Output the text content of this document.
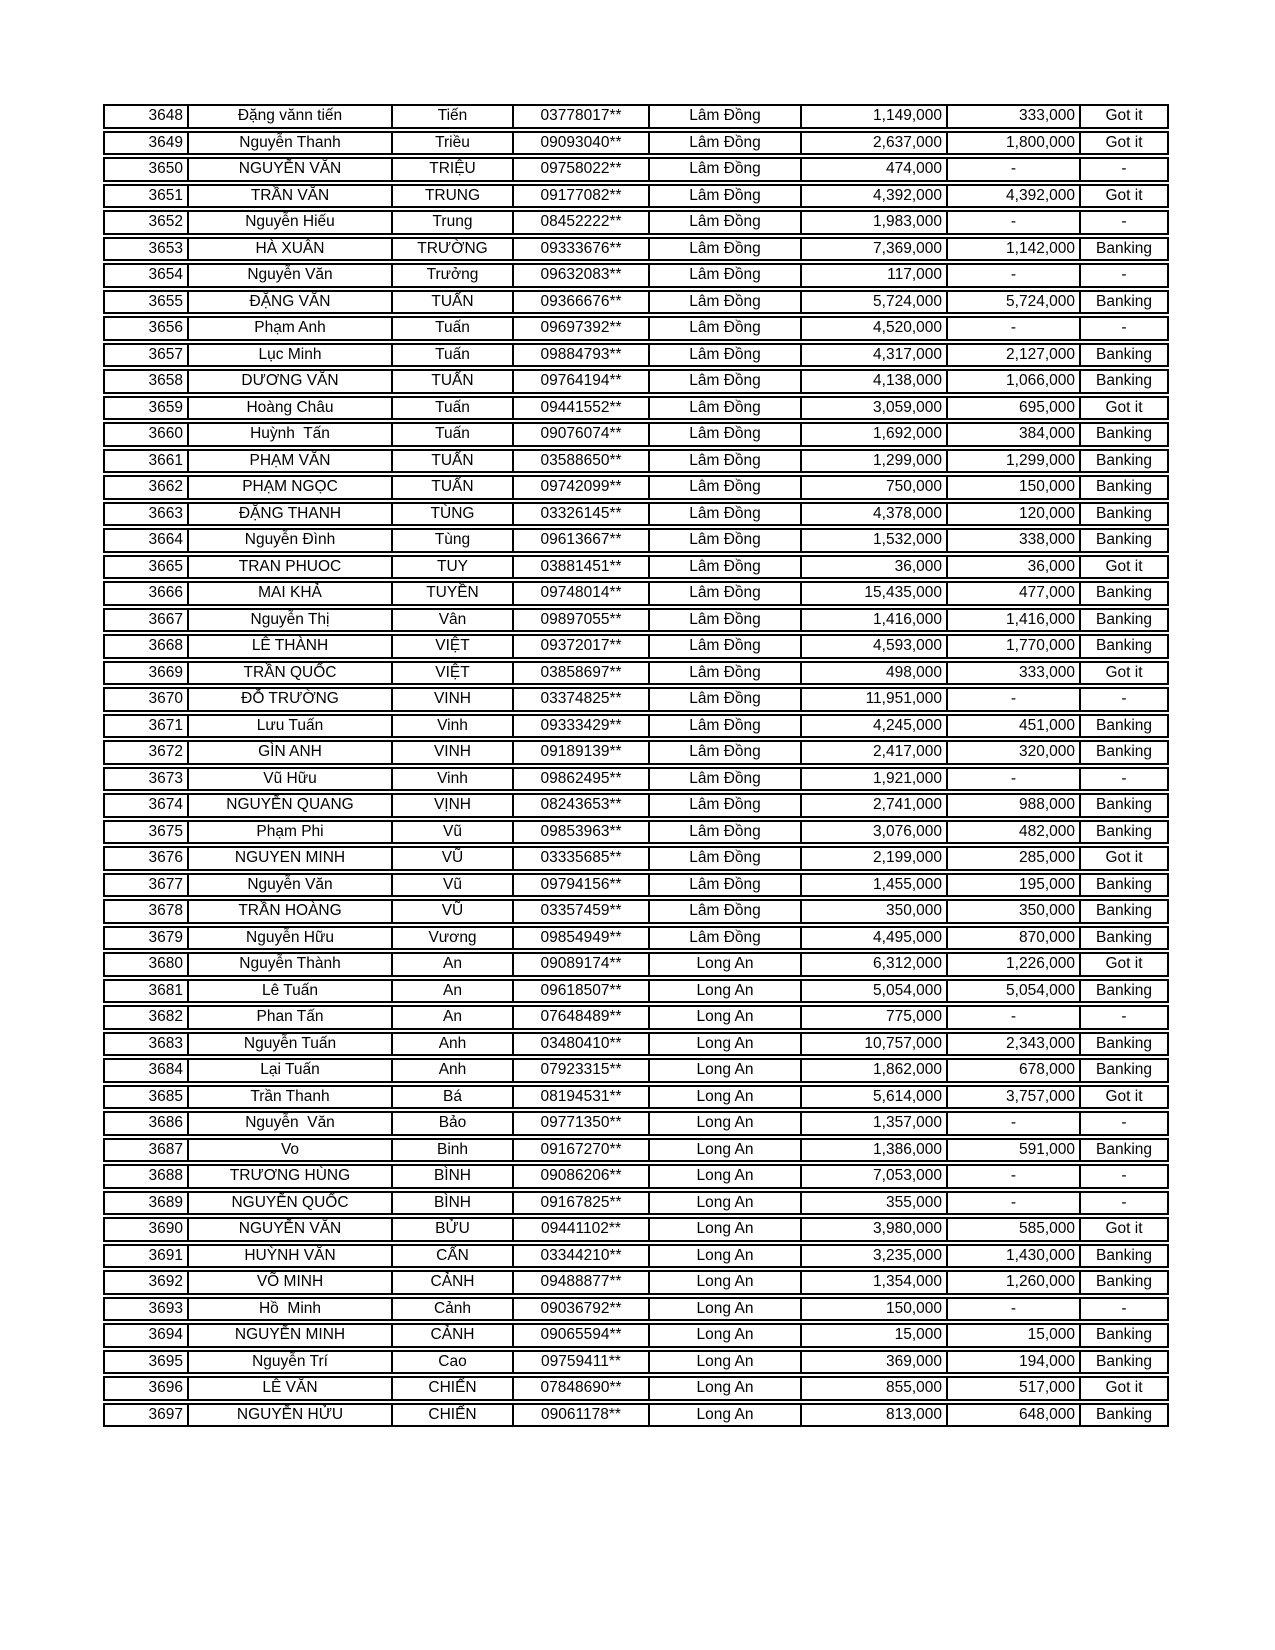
3648	Đặng vănn tiến	Tiến	03778017**	Lâm Đồng	1,149,000	333,000	Got it
3649	Nguyễn Thanh	Triều	09093040**	Lâm Đồng	2,637,000	1,800,000	Got it
3650	NGUYỄN VĂN	TRIỆU	09758022**	Lâm Đồng	474,000	-	-
3651	TRẦN VĂN	TRUNG	09177082**	Lâm Đồng	4,392,000	4,392,000	Got it
3652	Nguyễn Hiếu	Trung	08452222**	Lâm Đồng	1,983,000	-	-
3653	HÀ XUÂN	TRƯỜNG	09333676**	Lâm Đồng	7,369,000	1,142,000	Banking
3654	Nguyễn Văn	Trưởng	09632083**	Lâm Đồng	117,000	-	-
3655	ĐẶNG VĂN	TUẤN	09366676**	Lâm Đồng	5,724,000	5,724,000	Banking
3656	Phạm Anh	Tuấn	09697392**	Lâm Đồng	4,520,000	-	-
3657	Lục Minh	Tuấn	09884793**	Lâm Đồng	4,317,000	2,127,000	Banking
3658	DƯƠNG VĂN	TUẤN	09764194**	Lâm Đồng	4,138,000	1,066,000	Banking
3659	Hoàng Châu	Tuấn	09441552**	Lâm Đồng	3,059,000	695,000	Got it
3660	Huỳnh  Tấn	Tuấn	09076074**	Lâm Đồng	1,692,000	384,000	Banking
3661	PHẠM VĂN	TUẤN	03588650**	Lâm Đồng	1,299,000	1,299,000	Banking
3662	PHẠM NGỌC	TUẤN	09742099**	Lâm Đồng	750,000	150,000	Banking
3663	ĐẶNG THANH	TÙNG	03326145**	Lâm Đồng	4,378,000	120,000	Banking
3664	Nguyễn Đình	Tùng	09613667**	Lâm Đồng	1,532,000	338,000	Banking
3665	TRAN PHUOC	TUY	03881451**	Lâm Đồng	36,000	36,000	Got it
3666	MAI KHẢ	TUYỀN	09748014**	Lâm Đồng	15,435,000	477,000	Banking
3667	Nguyễn Thị	Vân	09897055**	Lâm Đồng	1,416,000	1,416,000	Banking
3668	LÊ THÀNH	VIỆT	09372017**	Lâm Đồng	4,593,000	1,770,000	Banking
3669	TRẦN QUỐC	VIỆT	03858697**	Lâm Đồng	498,000	333,000	Got it
3670	ĐỖ TRƯỜNG	VINH	03374825**	Lâm Đồng	11,951,000	-	-
3671	Lưu Tuấn	Vinh	09333429**	Lâm Đồng	4,245,000	451,000	Banking
3672	GÌN ANH	VINH	09189139**	Lâm Đồng	2,417,000	320,000	Banking
3673	Vũ Hữu	Vinh	09862495**	Lâm Đồng	1,921,000	-	-
3674	NGUYỄN QUANG	VỊNH	08243653**	Lâm Đồng	2,741,000	988,000	Banking
3675	Phạm Phi	Vũ	09853963**	Lâm Đồng	3,076,000	482,000	Banking
3676	NGUYEN MINH	VŨ	03335685**	Lâm Đồng	2,199,000	285,000	Got it
3677	Nguyễn Văn	Vũ	09794156**	Lâm Đồng	1,455,000	195,000	Banking
3678	TRẦN HOÀNG	VŨ	03357459**	Lâm Đồng	350,000	350,000	Banking
3679	Nguyễn Hữu	Vương	09854949**	Lâm Đồng	4,495,000	870,000	Banking
3680	Nguyễn Thành	An	09089174**	Long An	6,312,000	1,226,000	Got it
3681	Lê Tuấn	An	09618507**	Long An	5,054,000	5,054,000	Banking
3682	Phan Tấn	An	07648489**	Long An	775,000	-	-
3683	Nguyễn Tuấn	Anh	03480410**	Long An	10,757,000	2,343,000	Banking
3684	Lại Tuấn	Anh	07923315**	Long An	1,862,000	678,000	Banking
3685	Trần Thanh	Bá	08194531**	Long An	5,614,000	3,757,000	Got it
3686	Nguyễn  Văn	Bảo	09771350**	Long An	1,357,000	-	-
3687	Vo	Binh	09167270**	Long An	1,386,000	591,000	Banking
3688	TRƯƠNG HÙNG	BÌNH	09086206**	Long An	7,053,000	-	-
3689	NGUYỄN QUỐC	BÌNH	09167825**	Long An	355,000	-	-
3690	NGUYỄN VĂN	BỬU	09441102**	Long An	3,980,000	585,000	Got it
3691	HUỲNH VĂN	CẤN	03344210**	Long An	3,235,000	1,430,000	Banking
3692	VÕ MINH	CẢNH	09488877**	Long An	1,354,000	1,260,000	Banking
3693	Hồ  Minh	Cảnh	09036792**	Long An	150,000	-	-
3694	NGUYỄN MINH	CẢNH	09065594**	Long An	15,000	15,000	Banking
3695	Nguyễn Trí	Cao	09759411**	Long An	369,000	194,000	Banking
3696	LÊ VĂN	CHIẾN	07848690**	Long An	855,000	517,000	Got it
3697	NGUYỄN HỬU	CHIẾN	09061178**	Long An	813,000	648,000	Banking
